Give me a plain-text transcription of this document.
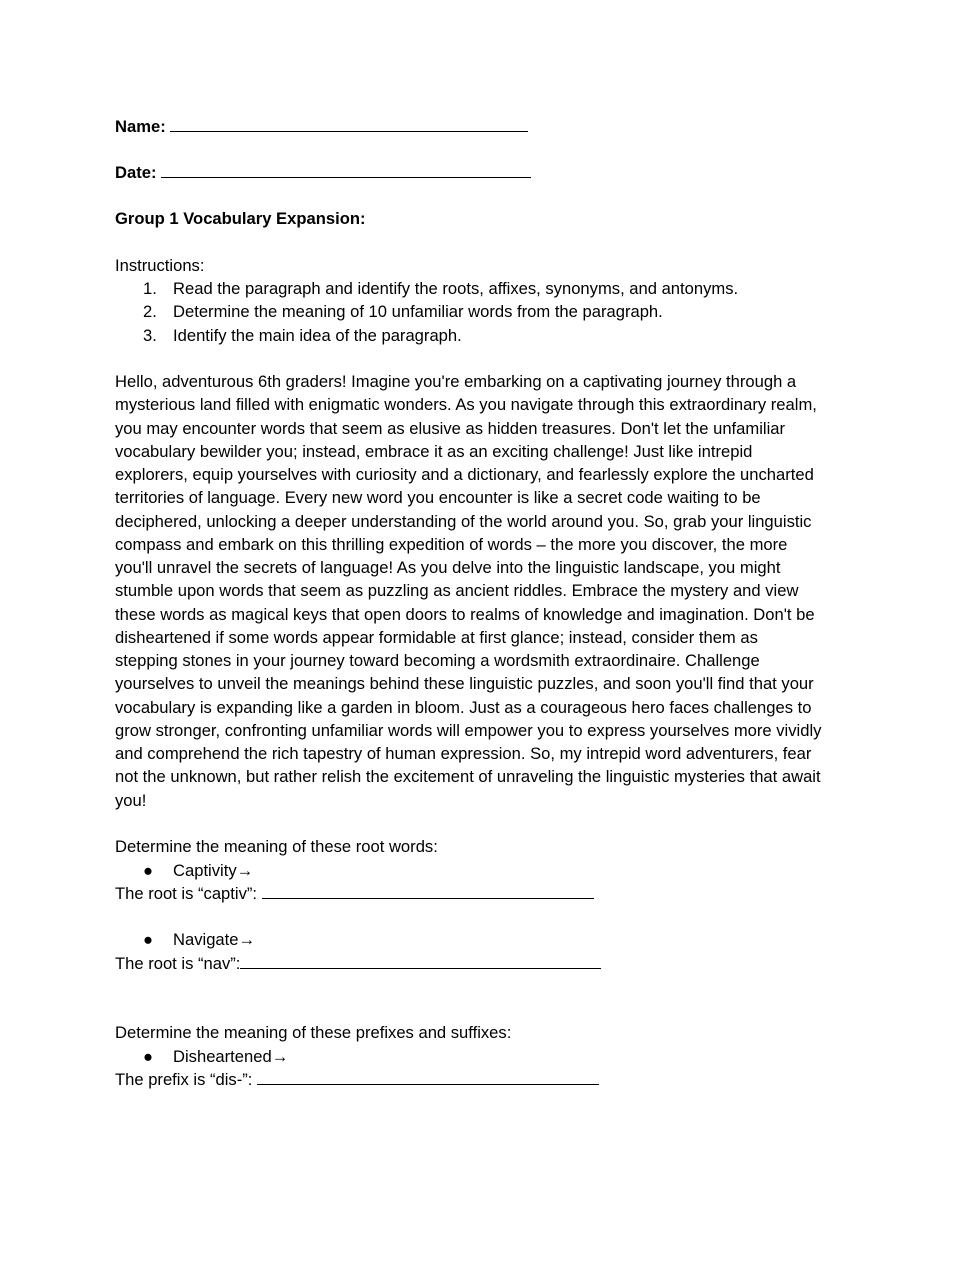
Name:
Date:
Group 1 Vocabulary Expansion:
Instructions:
1. Read the paragraph and identify the roots, affixes, synonyms, and antonyms.
2. Determine the meaning of 10 unfamiliar words from the paragraph.
3. Identify the main idea of the paragraph.
Hello, adventurous 6th graders! Imagine you're embarking on a captivating journey through a
mysterious land filled with enigmatic wonders. As you navigate through this extraordinary realm,
you may encounter words that seem as elusive as hidden treasures. Don't let the unfamiliar
vocabulary bewilder you; instead, embrace it as an exciting challenge! Just like intrepid
explorers, equip yourselves with curiosity and a dictionary, and fearlessly explore the uncharted
territories of language. Every new word you encounter is like a secret code waiting to be
deciphered, unlocking a deeper understanding of the world around you. So, grab your linguistic
compass and embark on this thrilling expedition of words – the more you discover, the more
you'll unravel the secrets of language! As you delve into the linguistic landscape, you might
stumble upon words that seem as puzzling as ancient riddles. Embrace the mystery and view
these words as magical keys that open doors to realms of knowledge and imagination. Don't be
disheartened if some words appear formidable at first glance; instead, consider them as
stepping stones in your journey toward becoming a wordsmith extraordinaire. Challenge
yourselves to unveil the meanings behind these linguistic puzzles, and soon you'll find that your
vocabulary is expanding like a garden in bloom. Just as a courageous hero faces challenges to
grow stronger, confronting unfamiliar words will empower you to express yourselves more vividly
and comprehend the rich tapestry of human expression. So, my intrepid word adventurers, fear
not the unknown, but rather relish the excitement of unraveling the linguistic mysteries that await
you!
Determine the meaning of these root words:
● Captivity→
The root is “captiv”:
● Navigate→
The root is “nav”:
Determine the meaning of these prefixes and suffixes:
● Disheartened→
The prefix is “dis-”:
